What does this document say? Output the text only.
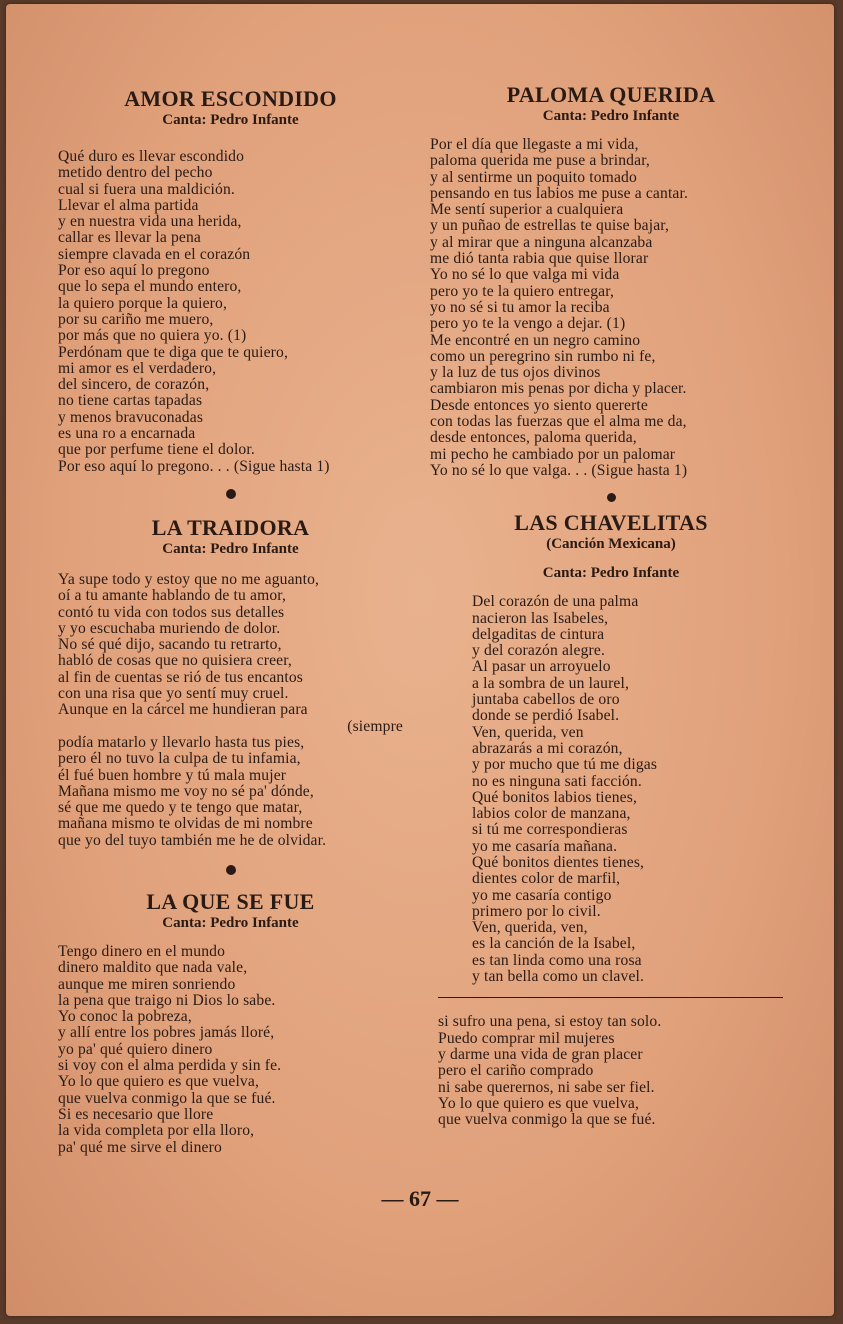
AMOR ESCONDIDO

Canta: Pedro Infante

Qué duro es llevar escondido
metido dentro del pecho
cual si fuera una maldición.
Llevar el alma partida
y en nuestra vida una herida,
callar es llevar la pena
siempre clavada en el corazón
Por eso aquí lo pregono
que lo sepa el mundo entero,
la quiero porque la quiero,
por su cariño me muero,
por más que no quiera yo. (1)
Perdónam que te diga que te quiero,
mi amor es el verdadero,
del sincero, de corazón,
no tiene cartas tapadas
y menos bravuconadas
es una ro a encarnada
que por perfume tiene el dolor.
Por eso aquí lo pregono. . . (Sigue hasta 1)
LA TRAIDORA

Canta: Pedro Infante

Ya supe todo y estoy que no me aguanto,
oí a tu amante hablando de tu amor,
contó tu vida con todos sus detalles
y yo escuchaba muriendo de dolor.
No sé qué dijo, sacando tu retrarto,
habló de cosas que no quisiera creer,
al fin de cuentas se rió de tus encantos
con una risa que yo sentí muy cruel.
Aunque en la cárcel me hundieran para
(siempre
podía matarlo y llevarlo hasta tus pies,
pero él no tuvo la culpa de tu infamia,
él fué buen hombre y tú mala mujer
Mañana mismo me voy no sé pa' dónde,
sé que me quedo y te tengo que matar,
mañana mismo te olvidas de mi nombre
que yo del tuyo también me he de olvidar.
LA QUE SE FUE

Canta: Pedro Infante

Tengo dinero en el mundo
dinero maldito que nada vale,
aunque me miren sonriendo
la pena que traigo ni Dios lo sabe.
Yo conoc la pobreza,
y allí entre los pobres jamás lloré,
yo pa' qué quiero dinero
si voy con el alma perdida y sin fe.
Yo lo que quiero es que vuelva,
que vuelva conmigo la que se fué.
Si es necesario que llore
la vida completa por ella lloro,
pa' qué me sirve el dinero
PALOMA QUERIDA

Canta: Pedro Infante

Por el día que llegaste a mi vida,
paloma querida me puse a brindar,
y al sentirme un poquito tomado
pensando en tus labios me puse a cantar.
Me sentí superior a cualquiera
y un puñao de estrellas te quise bajar,
y al mirar que a ninguna alcanzaba
me dió tanta rabia que quise llorar
Yo no sé lo que valga mi vida
pero yo te la quiero entregar,
yo no sé si tu amor la reciba
pero yo te la vengo a dejar. (1)
Me encontré en un negro camino
como un peregrino sin rumbo ni fe,
y la luz de tus ojos divinos
cambiaron mis penas por dicha y placer.
Desde entonces yo siento quererte
con todas las fuerzas que el alma me da,
desde entonces, paloma querida,
mi pecho he cambiado por un palomar
Yo no sé lo que valga. . . (Sigue hasta 1)
LAS CHAVELITAS

(Canción Mexicana)

Canta: Pedro Infante

Del corazón de una palma
nacieron las Isabeles,
delgaditas de cintura
y del corazón alegre.
Al pasar un arroyuelo
a la sombra de un laurel,
juntaba cabellos de oro
donde se perdió Isabel.
Ven, querida, ven
abrazarás a mi corazón,
y por mucho que tú me digas
no es ninguna sati facción.
Qué bonitos labios tienes,
labios color de manzana,
si tú me correspondieras
yo me casaría mañana.
Qué bonitos dientes tienes,
dientes color de marfil,
yo me casaría contigo
primero por lo civil.
Ven, querida, ven,
es la canción de la Isabel,
es tan linda como una rosa
y tan bella como un clavel.
si sufro una pena, si estoy tan solo.
Puedo comprar mil mujeres
y darme una vida de gran placer
pero el cariño comprado
ni sabe querernos, ni sabe ser fiel.
Yo lo que quiero es que vuelva,
que vuelva conmigo la que se fué.
— 67 —
